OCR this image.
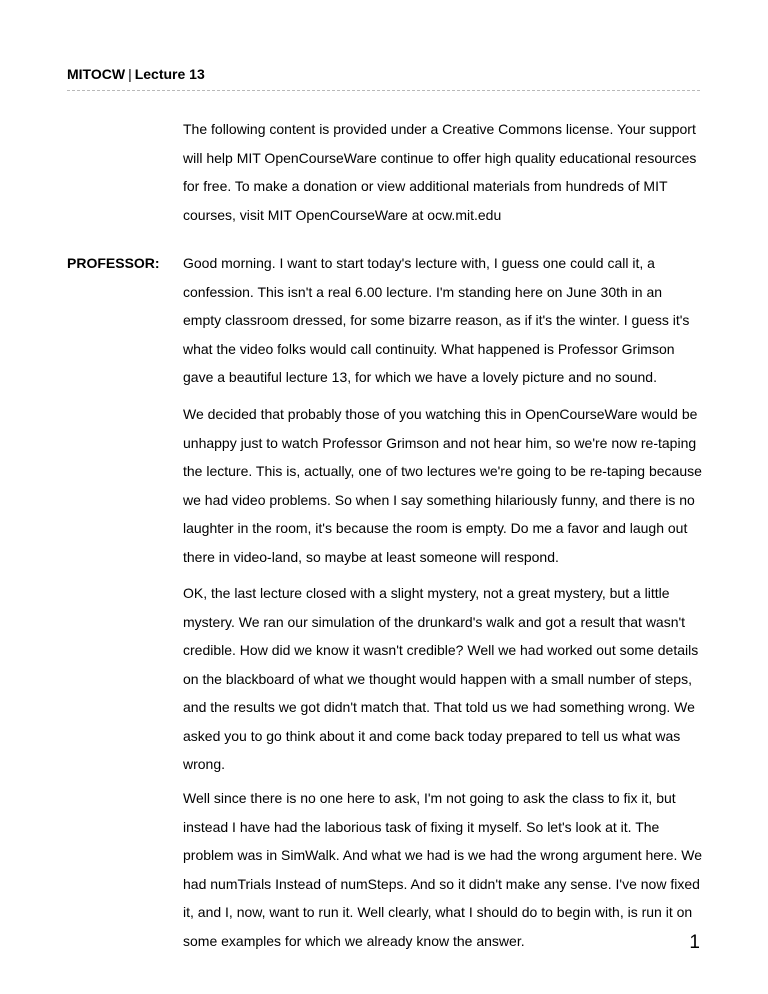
MITOCW | Lecture 13

The following content is provided under a Creative Commons license. Your support will help MIT OpenCourseWare continue to offer high quality educational resources for free. To make a donation or view additional materials from hundreds of MIT courses, visit MIT OpenCourseWare at ocw.mit.edu

PROFESSOR: Good morning. I want to start today's lecture with, I guess one could call it, a confession. This isn't a real 6.00 lecture. I'm standing here on June 30th in an empty classroom dressed, for some bizarre reason, as if it's the winter. I guess it's what the video folks would call continuity. What happened is Professor Grimson gave a beautiful lecture 13, for which we have a lovely picture and no sound.

We decided that probably those of you watching this in OpenCourseWare would be unhappy just to watch Professor Grimson and not hear him, so we're now re-taping the lecture. This is, actually, one of two lectures we're going to be re-taping because we had video problems. So when I say something hilariously funny, and there is no laughter in the room, it's because the room is empty. Do me a favor and laugh out there in video-land, so maybe at least someone will respond.

OK, the last lecture closed with a slight mystery, not a great mystery, but a little mystery. We ran our simulation of the drunkard's walk and got a result that wasn't credible. How did we know it wasn't credible? Well we had worked out some details on the blackboard of what we thought would happen with a small number of steps, and the results we got didn't match that. That told us we had something wrong. We asked you to go think about it and come back today prepared to tell us what was wrong.

Well since there is no one here to ask, I'm not going to ask the class to fix it, but instead I have had the laborious task of fixing it myself. So let's look at it. The problem was in SimWalk. And what we had is we had the wrong argument here. We had numTrials Instead of numSteps. And so it didn't make any sense. I've now fixed it, and I, now, want to run it. Well clearly, what I should do to begin with, is run it on some examples for which we already know the answer.	1
